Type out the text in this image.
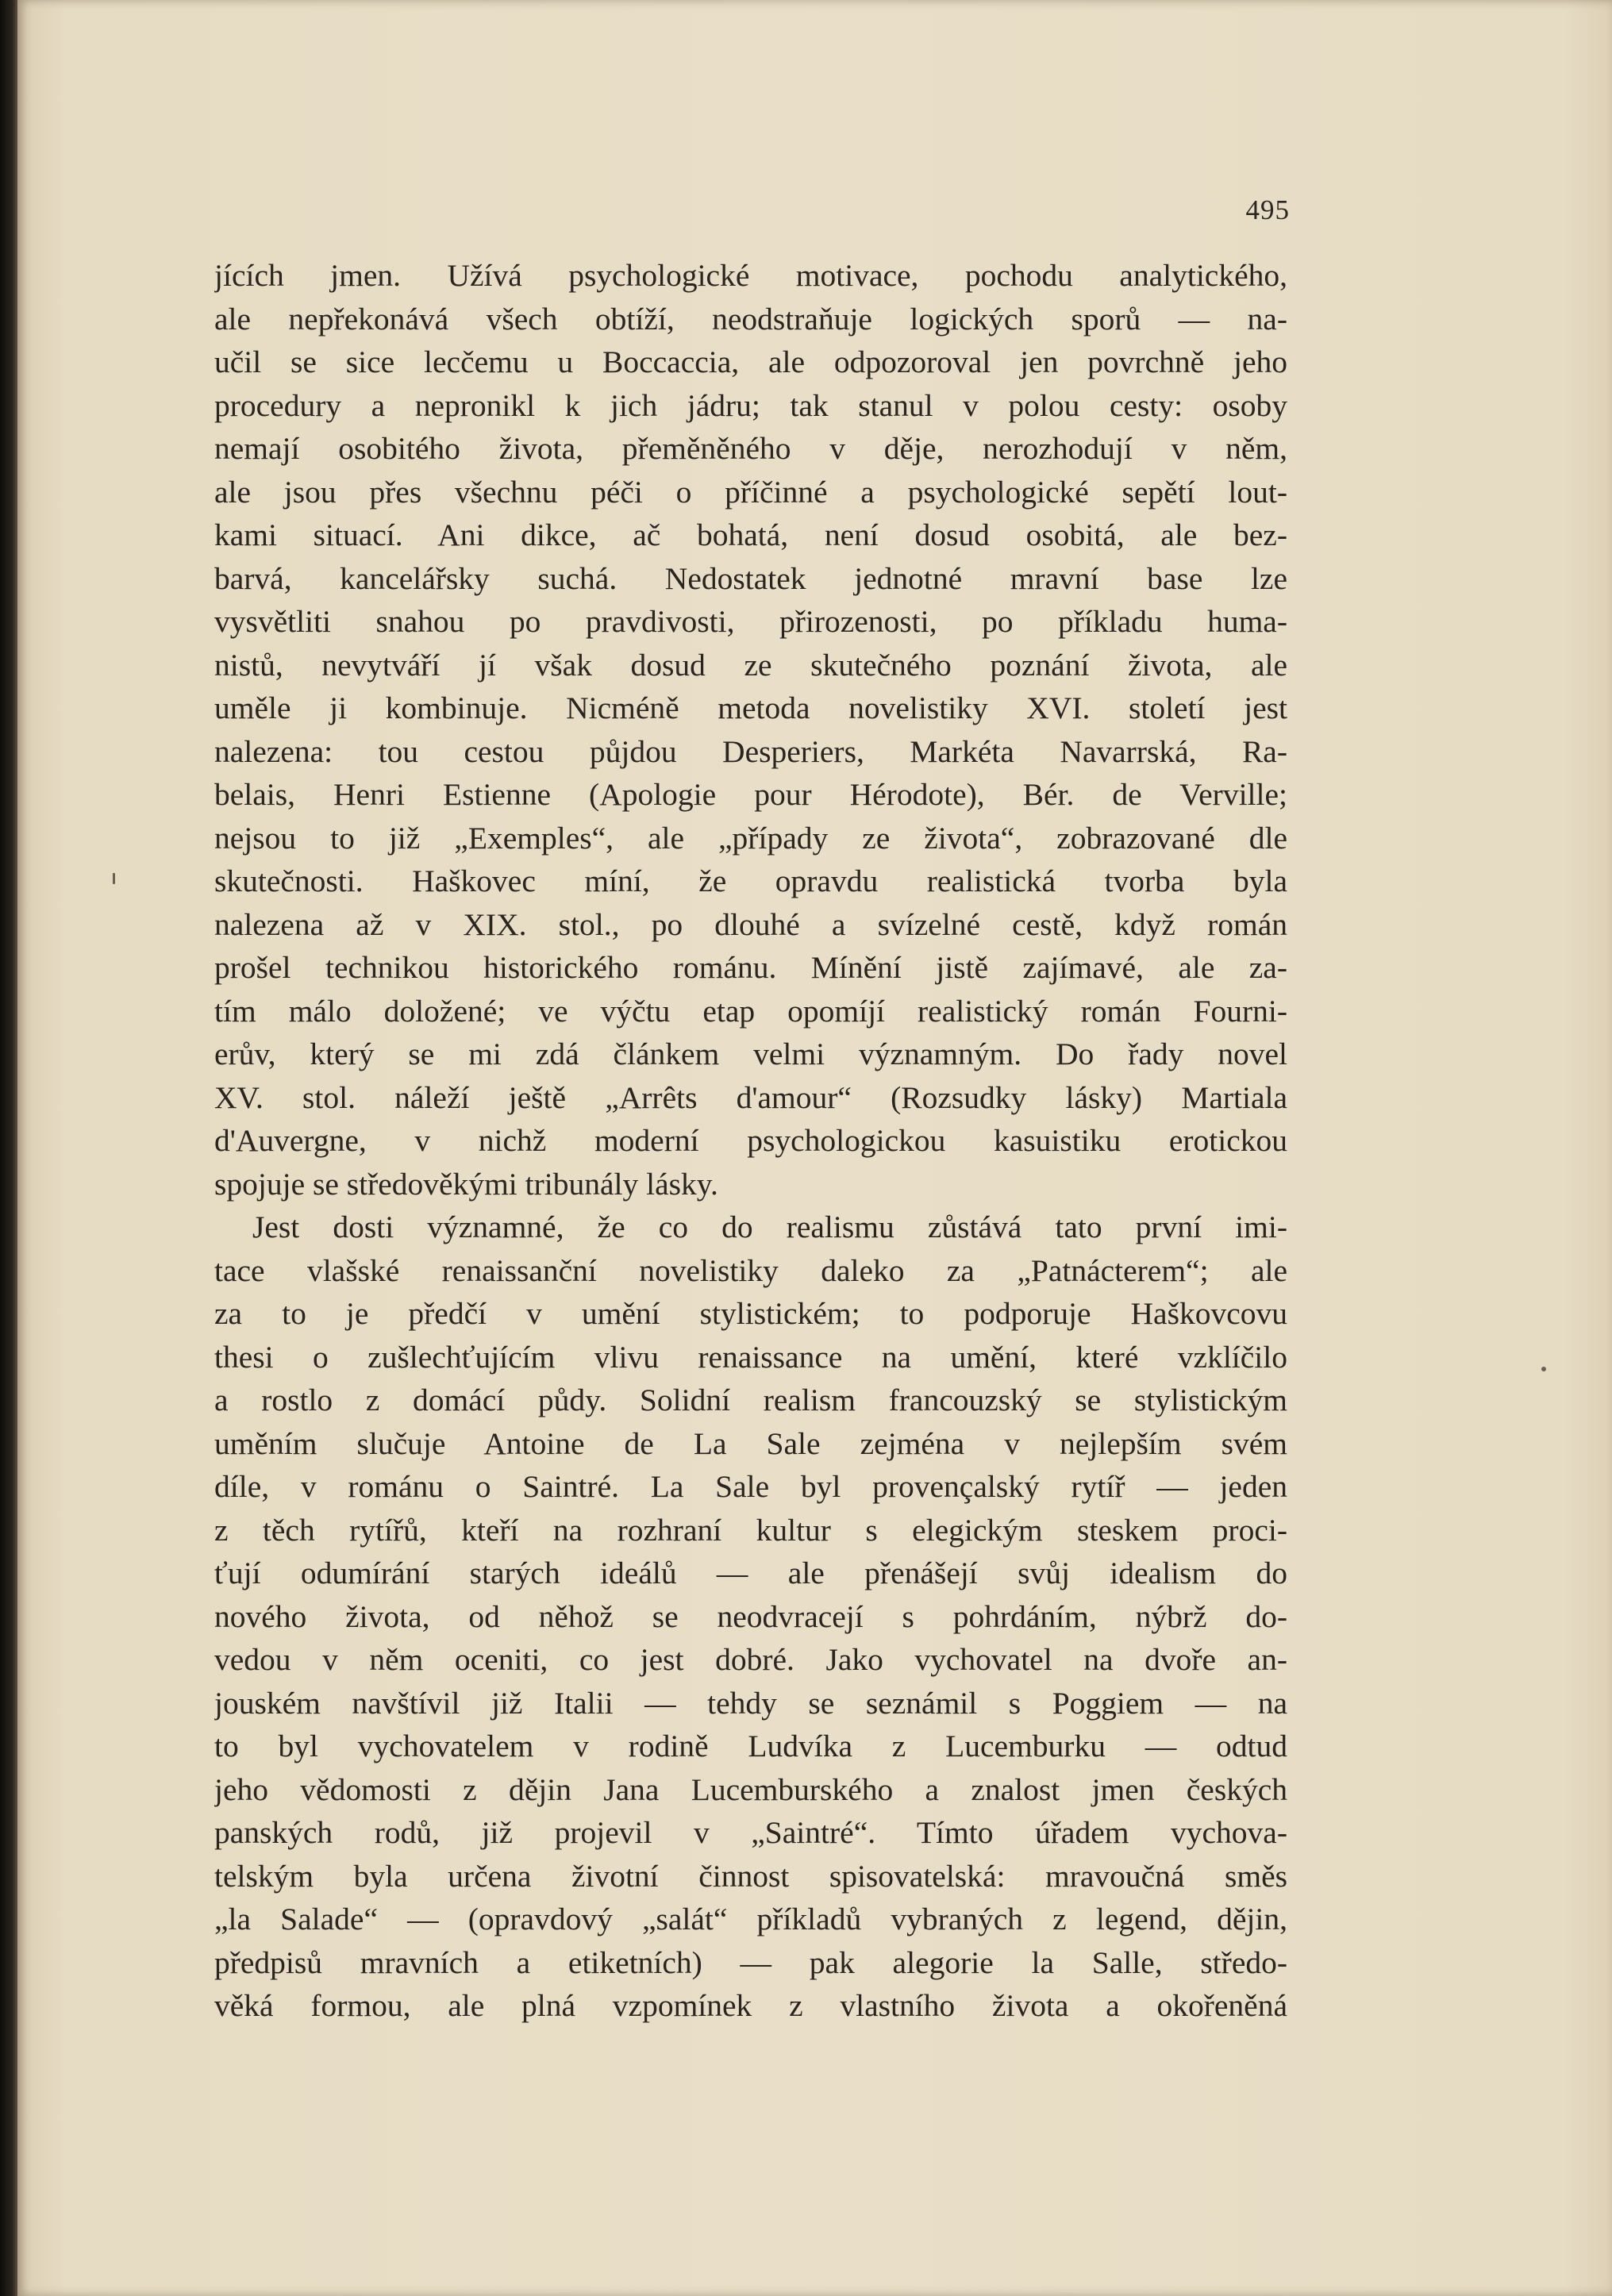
495

jících jmen. Užívá psychologické motivace, pochodu analytického,
ale nepřekonává všech obtíží, neodstraňuje logických sporů — na-
učil se sice lecčemu u Boccaccia, ale odpozoroval jen povrchně jeho
procedury a nepronikl k jich jádru; tak stanul v polou cesty: osoby
nemají osobitého života, přeměněného v děje, nerozhodují v něm,
ale jsou přes všechnu péči o příčinné a psychologické sepětí lout-
kami situací. Ani dikce, ač bohatá, není dosud osobitá, ale bez-
barvá, kancelářsky suchá. Nedostatek jednotné mravní base lze
vysvětliti snahou po pravdivosti, přirozenosti, po příkladu huma-
nistů, nevytváří jí však dosud ze skutečného poznání života, ale
uměle ji kombinuje. Nicméně metoda novelistiky XVI. století jest
nalezena: tou cestou půjdou Desperiers, Markéta Navarrská, Ra-
belais, Henri Estienne (Apologie pour Hérodote), Bér. de Verville;
nejsou to již „Exemples“, ale „případy ze života“, zobrazované dle
skutečnosti. Haškovec míní, že opravdu realistická tvorba byla
nalezena až v XIX. stol., po dlouhé a svízelné cestě, když román
prošel technikou historického románu. Mínění jistě zajímavé, ale za-
tím málo doložené; ve výčtu etap opomíjí realistický román Fourni-
erův, který se mi zdá článkem velmi významným. Do řady novel
XV. stol. náleží ještě „Arrêts d'amour“ (Rozsudky lásky) Martiala
d'Auvergne, v nichž moderní psychologickou kasuistiku erotickou
spojuje se středověkými tribunály lásky.

Jest dosti významné, že co do realismu zůstává tato první imi-
tace vlašské renaissanční novelistiky daleko za „Patnácterem“; ale
za to je předčí v umění stylistickém; to podporuje Haškovcovu
thesi o zušlechťujícím vlivu renaissance na umění, které vzklíčilo
a rostlo z domácí půdy. Solidní realism francouzský se stylistickým
uměním slučuje Antoine de La Sale zejména v nejlepším svém
díle, v románu o Saintré. La Sale byl provençalský rytíř — jeden
z těch rytířů, kteří na rozhraní kultur s elegickým steskem proci-
ťují odumírání starých ideálů — ale přenášejí svůj idealism do
nového života, od něhož se neodvracejí s pohrdáním, nýbrž do-
vedou v něm oceniti, co jest dobré. Jako vychovatel na dvoře an-
jouském navštívil již Italii — tehdy se seznámil s Poggiem — na
to byl vychovatelem v rodině Ludvíka z Lucemburku — odtud
jeho vědomosti z dějin Jana Lucemburského a znalost jmen českých
panských rodů, již projevil v „Saintré“. Tímto úřadem vychova-
telským byla určena životní činnost spisovatelská: mravoučná směs
„la Salade“ — (opravdový „salát“ příkladů vybraných z legend, dějin,
předpisů mravních a etiketních) — pak alegorie la Salle, středo-
věká formou, ale plná vzpomínek z vlastního života a okořeněná
